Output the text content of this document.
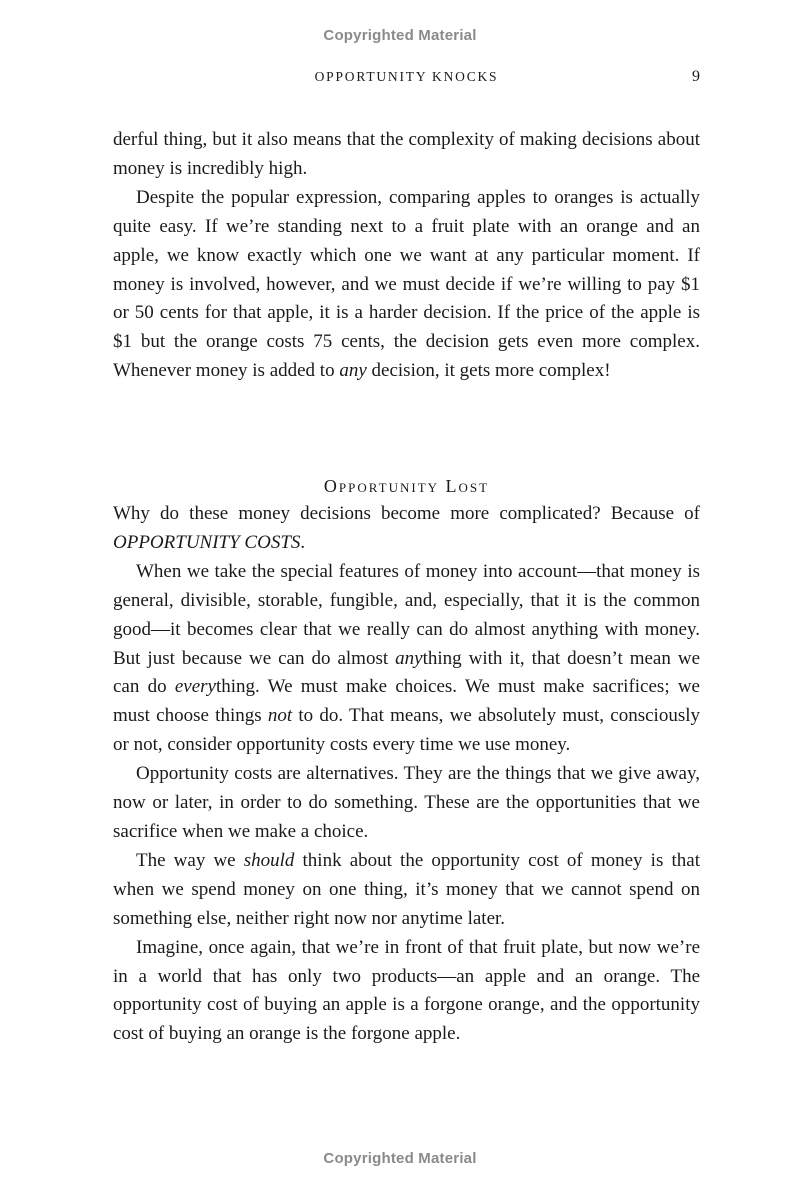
Copyrighted Material
OPPORTUNITY KNOCKS	9

derful thing, but it also means that the complexity of making decisions about money is incredibly high.

Despite the popular expression, comparing apples to oranges is actually quite easy. If we’re standing next to a fruit plate with an orange and an apple, we know exactly which one we want at any particular moment. If money is involved, however, and we must decide if we’re willing to pay $1 or 50 cents for that apple, it is a harder decision. If the price of the apple is $1 but the orange costs 75 cents, the decision gets even more complex. Whenever money is added to any decision, it gets more complex!

Opportunity Lost

Why do these money decisions become more complicated? Because of OPPORTUNITY COSTS.

When we take the special features of money into account—that money is general, divisible, storable, fungible, and, especially, that it is the common good—it becomes clear that we really can do almost anything with money. But just because we can do almost anything with it, that doesn’t mean we can do everything. We must make choices. We must make sacrifices; we must choose things not to do. That means, we absolutely must, consciously or not, consider opportunity costs every time we use money.

Opportunity costs are alternatives. They are the things that we give away, now or later, in order to do something. These are the opportunities that we sacrifice when we make a choice.

The way we should think about the opportunity cost of money is that when we spend money on one thing, it’s money that we cannot spend on something else, neither right now nor anytime later.

Imagine, once again, that we’re in front of that fruit plate, but now we’re in a world that has only two products—an apple and an orange. The opportunity cost of buying an apple is a forgone orange, and the opportunity cost of buying an orange is the forgone apple.

Copyrighted Material
